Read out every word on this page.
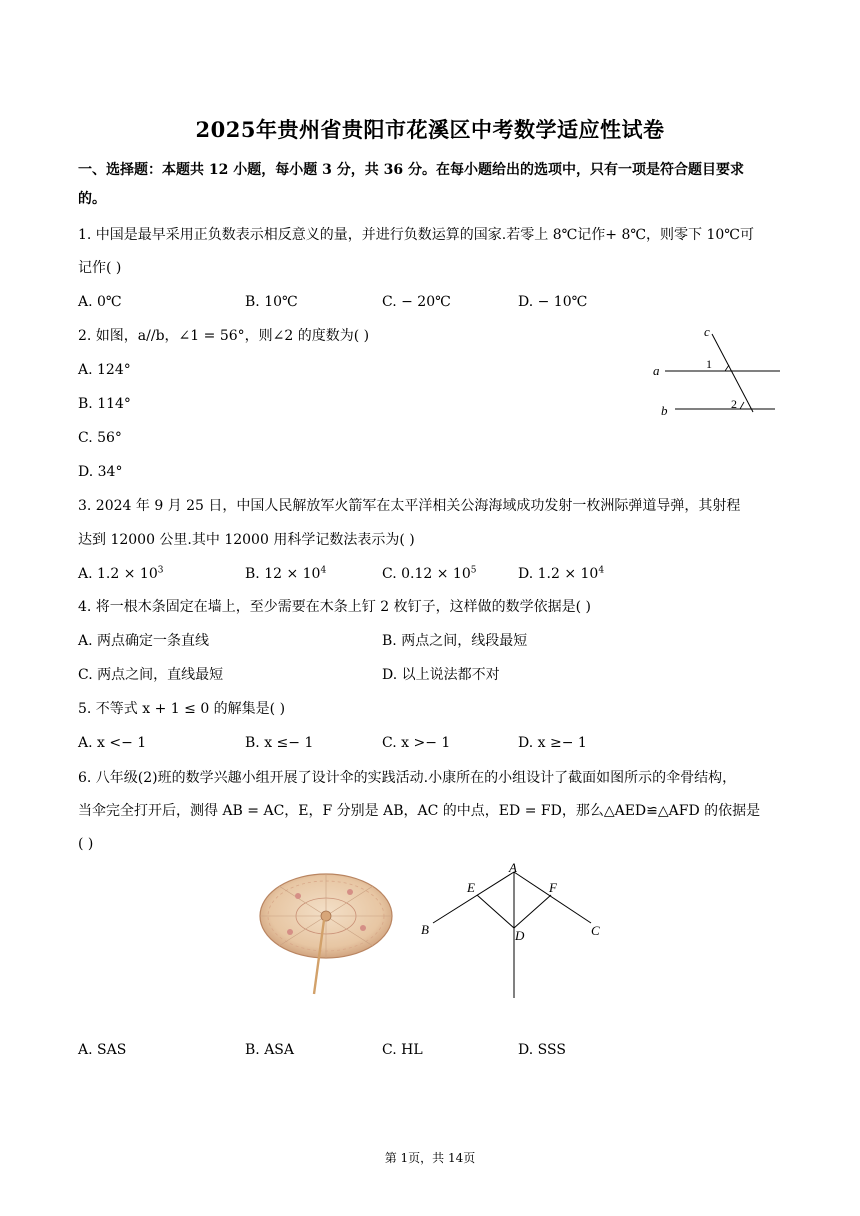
2025年贵州省贵阳市花溪区中考数学适应性试卷
一、选择题：本题共 12 小题，每小题 3 分，共 36 分。在每小题给出的选项中，只有一项是符合题目要求
的。
1. 中国是最早采用正负数表示相反意义的量，并进行负数运算的国家.若零上 8℃记作+ 8℃，则零下 10℃可
记作( )
A. 0℃	B. 10℃	C. − 20℃	D. − 10℃
2. 如图，a//b，∠1 = 56°，则∠2 的度数为( )
A. 124°
B. 114°
C. 56°
D. 34°
c
a
b
1
2
3. 2024 年 9 月 25 日，中国人民解放军火箭军在太平洋相关公海海域成功发射一枚洲际弹道导弹，其射程
达到 12000 公里.其中 12000 用科学记数法表示为( )
A. $1.2 \times 10^3$	B. $12 \times 10^4$	C. $0.12 \times 10^5$	D. $1.2 \times 10^4$
4. 将一根木条固定在墙上，至少需要在木条上钉 2 枚钉子，这样做的数学依据是( )
A. 两点确定一条直线	B. 两点之间，线段最短
C. 两点之间，直线最短	D. 以上说法都不对
5. 不等式 x + 1 ≤ 0 的解集是( )
A. x <− 1	B. x ≤− 1	C. x >− 1	D. x ≥− 1
6. 八年级(2)班的数学兴趣小组开展了设计伞的实践活动.小康所在的小组设计了截面如图所示的伞骨结构，
当伞完全打开后，测得 AB = AC，E，F 分别是 AB，AC 的中点，ED = FD，那么△AED≌△AFD 的依据是
( )
A
B	C
D
E	F
A. SAS	B. ASA	C. HL	D. SSS
第 1页，共 14页
